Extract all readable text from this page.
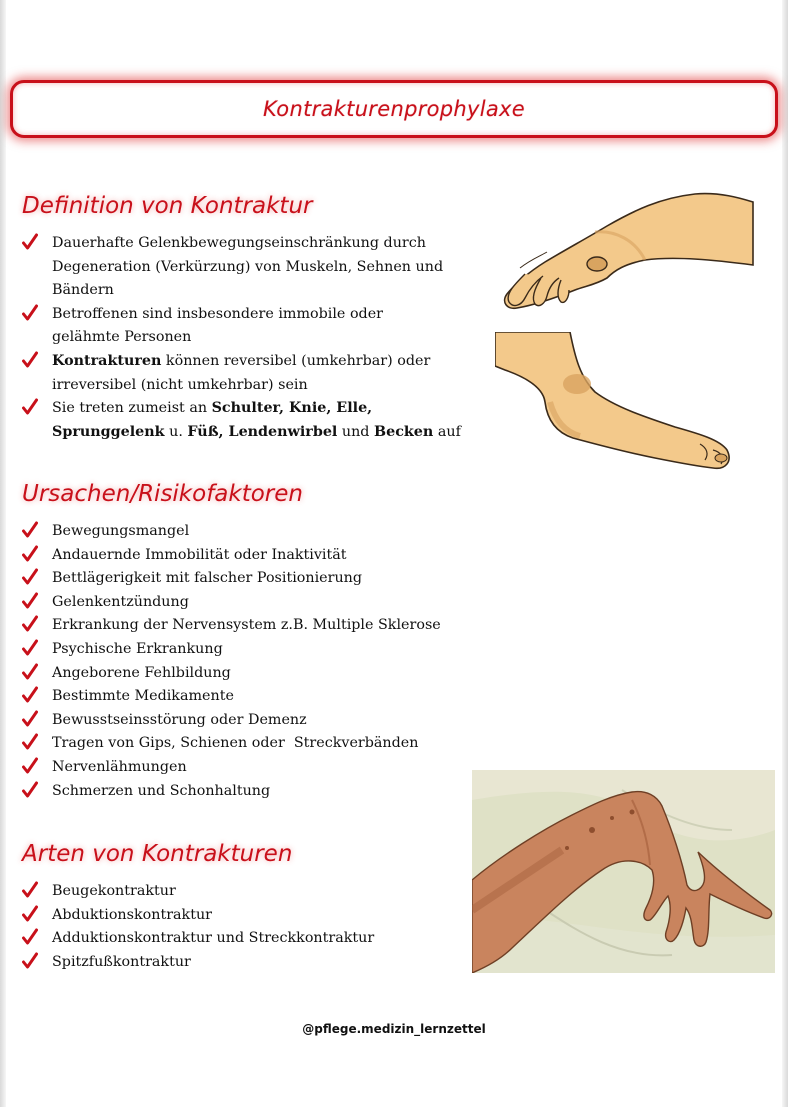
Kontrakturenprophylaxe
Definition von Kontraktur
Dauerhafte Gelenkbewegungseinschränkung durch
Degeneration (Verkürzung) von Muskeln, Sehnen und
Bändern
Betroffenen sind insbesondere immobile oder
gelähmte Personen
Kontrakturen können reversibel (umkehrbar) oder
irreversibel (nicht umkehrbar) sein
Sie treten zumeist an Schulter, Knie, Elle,
Sprunggelenk u. Füß, Lendenwirbel und Becken auf
Ursachen/Risikofaktoren
Bewegungsmangel
Andauernde Immobilität oder Inaktivität
Bettlägerigkeit mit falscher Positionierung
Gelenkentzündung
Erkrankung der Nervensystem z.B. Multiple Sklerose
Psychische Erkrankung
Angeborene Fehlbildung
Bestimmte Medikamente
Bewusstseinsstörung oder Demenz
Tragen von Gips, Schienen oder  Streckverbänden
Nervenlähmungen
Schmerzen und Schonhaltung
Arten von Kontrakturen
Beugekontraktur
Abduktionskontraktur
Adduktionskontraktur und Streckkontraktur
Spitzfußkontraktur
@pflege.medizin_lernzettel
